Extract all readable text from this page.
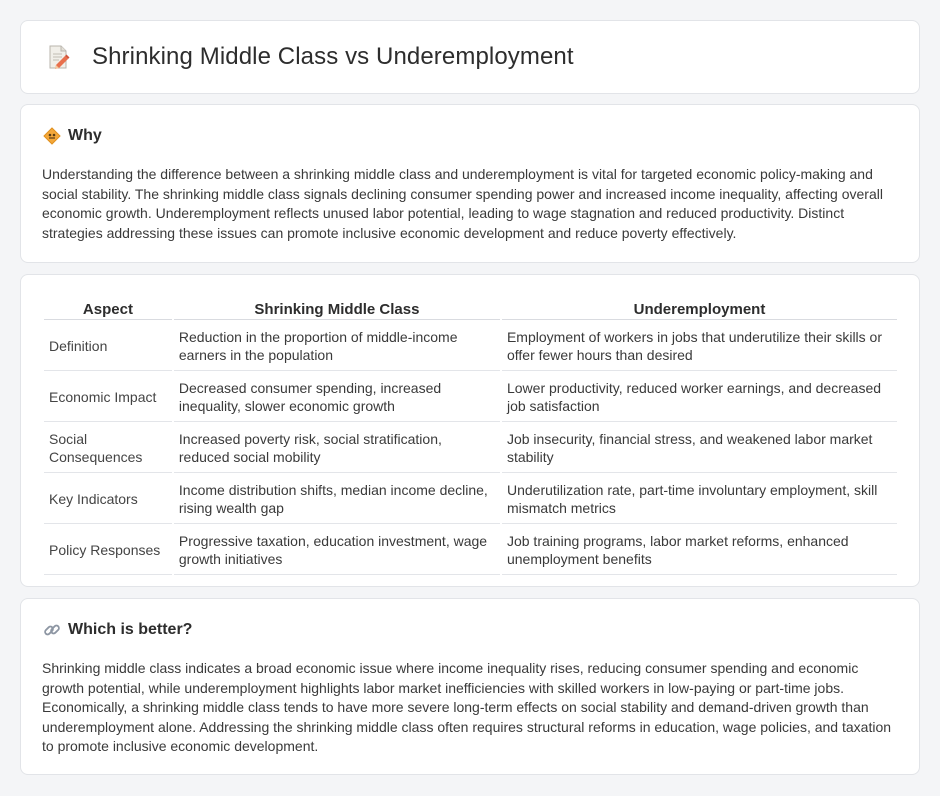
Shrinking Middle Class vs Underemployment
Why

Understanding the difference between a shrinking middle class and underemployment is vital for targeted economic policy-making and social stability. The shrinking middle class signals declining consumer spending power and increased income inequality, affecting overall economic growth. Underemployment reflects unused labor potential, leading to wage stagnation and reduced productivity. Distinct strategies addressing these issues can promote inclusive economic development and reduce poverty effectively.

Aspect	Shrinking Middle Class	Underemployment
Definition	Reduction in the proportion of middle-income earners in the population	Employment of workers in jobs that underutilize their skills or offer fewer hours than desired
Economic Impact	Decreased consumer spending, increased inequality, slower economic growth	Lower productivity, reduced worker earnings, and decreased job satisfaction
Social Consequences	Increased poverty risk, social stratification, reduced social mobility	Job insecurity, financial stress, and weakened labor market stability
Key Indicators	Income distribution shifts, median income decline, rising wealth gap	Underutilization rate, part-time involuntary employment, skill mismatch metrics
Policy Responses	Progressive taxation, education investment, wage growth initiatives	Job training programs, labor market reforms, enhanced unemployment benefits
Which is better?

Shrinking middle class indicates a broad economic issue where income inequality rises, reducing consumer spending and economic growth potential, while underemployment highlights labor market inefficiencies with skilled workers in low-paying or part-time jobs. Economically, a shrinking middle class tends to have more severe long-term effects on social stability and demand-driven growth than underemployment alone. Addressing the shrinking middle class often requires structural reforms in education, wage policies, and taxation to promote inclusive economic development.
